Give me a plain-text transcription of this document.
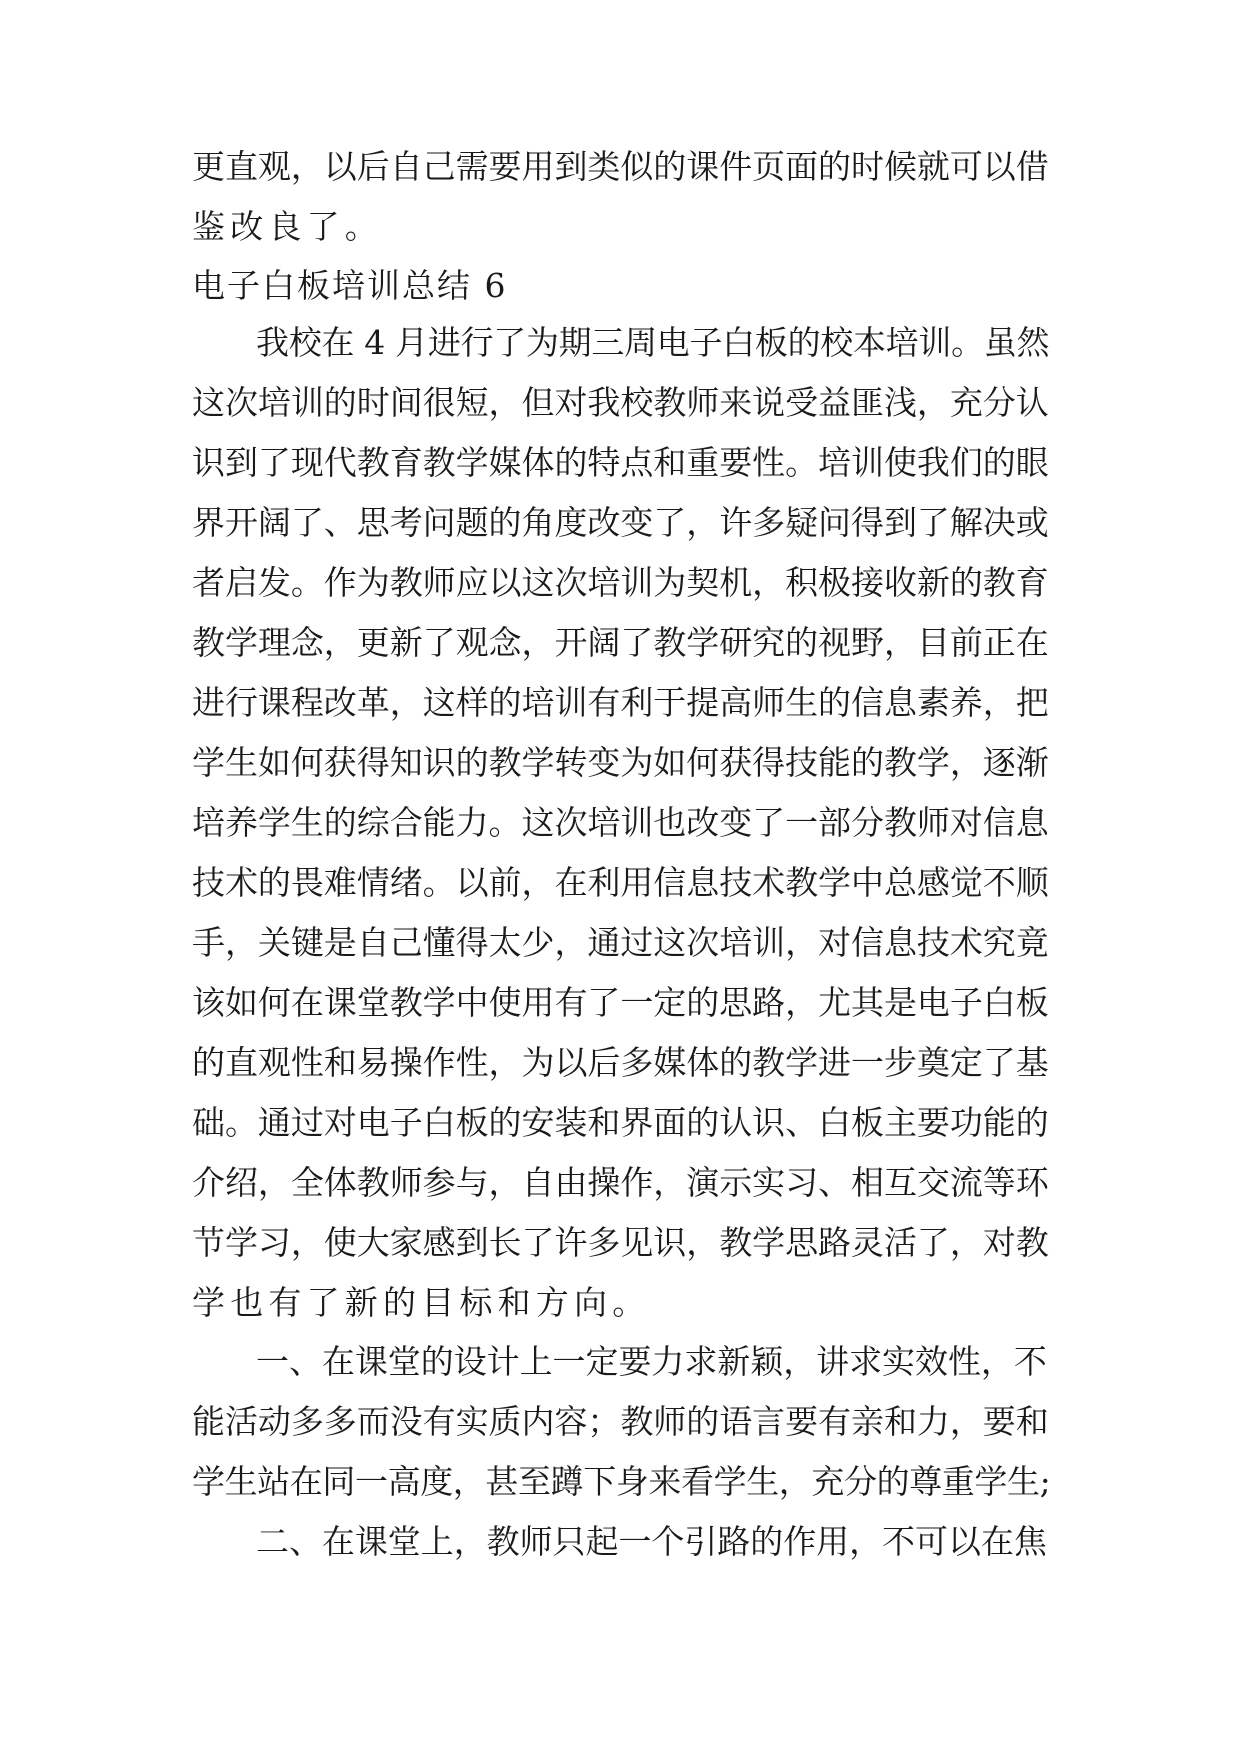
更直观，以后自己需要用到类似的课件页面的时候就可以借
鉴改良了。
电子白板培训总结 6
我校在 4 月进行了为期三周电子白板的校本培训。虽然
这次培训的时间很短，但对我校教师来说受益匪浅，充分认
识到了现代教育教学媒体的特点和重要性。培训使我们的眼
界开阔了、思考问题的角度改变了，许多疑问得到了解决或
者启发。作为教师应以这次培训为契机，积极接收新的教育
教学理念，更新了观念，开阔了教学研究的视野，目前正在
进行课程改革，这样的培训有利于提高师生的信息素养，把
学生如何获得知识的教学转变为如何获得技能的教学，逐渐
培养学生的综合能力。这次培训也改变了一部分教师对信息
技术的畏难情绪。以前，在利用信息技术教学中总感觉不顺
手，关键是自己懂得太少，通过这次培训，对信息技术究竟
该如何在课堂教学中使用有了一定的思路，尤其是电子白板
的直观性和易操作性，为以后多媒体的教学进一步奠定了基
础。通过对电子白板的安装和界面的认识、白板主要功能的
介绍，全体教师参与，自由操作，演示实习、相互交流等环
节学习，使大家感到长了许多见识，教学思路灵活了，对教
学也有了新的目标和方向。
一、在课堂的设计上一定要力求新颖，讲求实效性，不
能活动多多而没有实质内容；教师的语言要有亲和力，要和
学生站在同一高度，甚至蹲下身来看学生，充分的尊重学生;
二、在课堂上，教师只起一个引路的作用，不可以在焦
